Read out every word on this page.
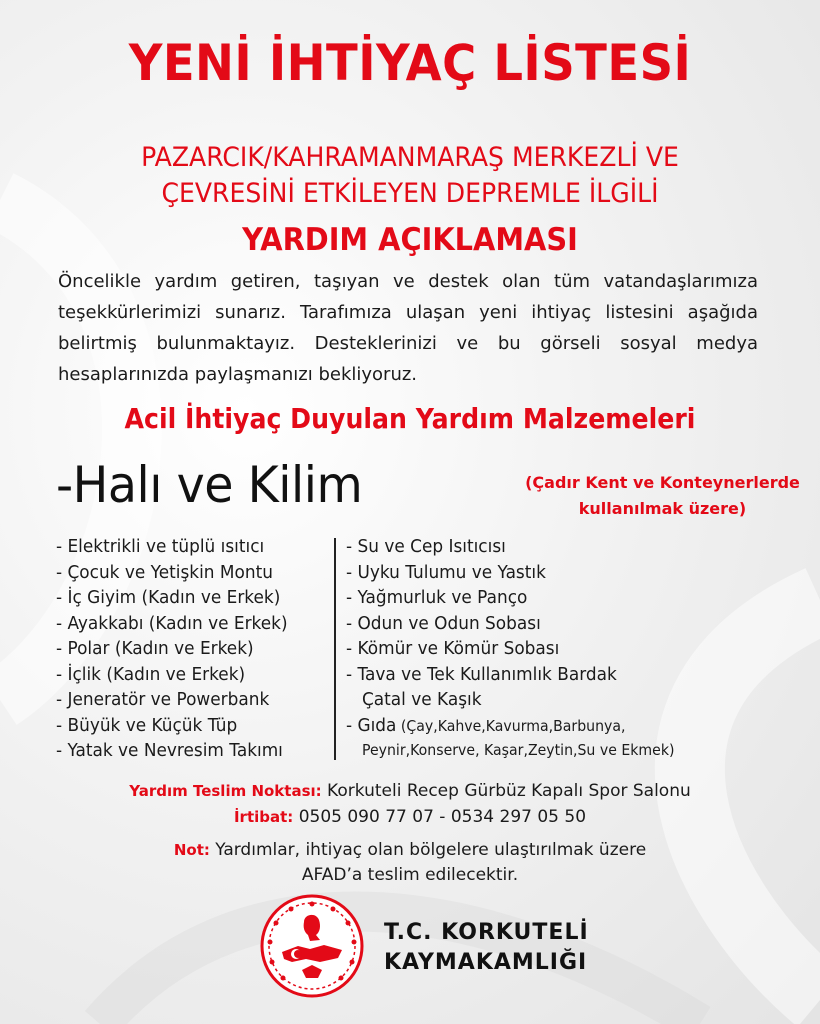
YENİ İHTİYAÇ LİSTESİ
PAZARCIK/KAHRAMANMARAŞ MERKEZLİ VE
ÇEVRESİNİ ETKİLEYEN DEPREMLE İLGİLİ
YARDIM AÇIKLAMASI

Öncelikle yardım getiren, taşıyan ve destek olan tüm vatandaşlarımıza teşekkürlerimizi sunarız. Tarafımıza ulaşan yeni ihtiyaç listesini aşağıda belirtmiş bulunmaktayız. Desteklerinizi ve bu görseli sosyal medya hesaplarınızda paylaşmanızı bekliyoruz.

Acil İhtiyaç Duyulan Yardım Malzemeleri
-Halı ve Kilim	(Çadır Kent ve Konteynerlerde
kullanılmak üzere)
- Elektrikli ve tüplü ısıtıcı
- Çocuk ve Yetişkin Montu
- İç Giyim (Kadın ve Erkek)
- Ayakkabı (Kadın ve Erkek)
- Polar (Kadın ve Erkek)
- İçlik (Kadın ve Erkek)
- Jeneratör ve Powerbank
- Büyük ve Küçük Tüp
- Yatak ve Nevresim Takımı
- Su ve Cep Isıtıcısı
- Uyku Tulumu ve Yastık
- Yağmurluk ve Panço
- Odun ve Odun Sobası
- Kömür ve Kömür Sobası
- Tava ve Tek Kullanımlık Bardak
Çatal ve Kaşık
- Gıda (Çay,Kahve,Kavurma,Barbunya,
Peynir,Konserve, Kaşar,Zeytin,Su ve Ekmek)
Yardım Teslim Noktası: Korkuteli Recep Gürbüz Kapalı Spor Salonu
İrtibat: 0505 090 77 07 - 0534 297 05 50
Not: Yardımlar, ihtiyaç olan bölgelere ulaştırılmak üzere
AFAD’a teslim edilecektir.
T.C. KORKUTELİ
KAYMAKAMLIĞI
